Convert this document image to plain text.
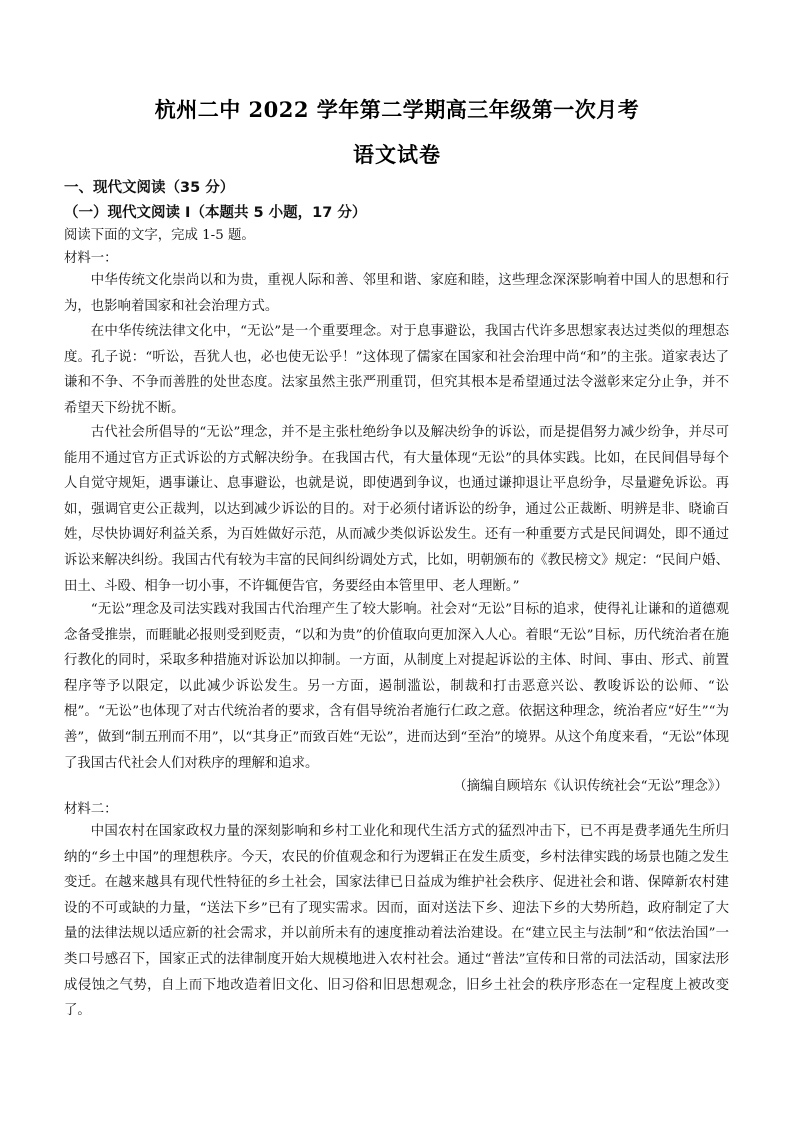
杭州二中 2022 学年第二学期高三年级第一次月考
语文试卷
一、现代文阅读（35 分）
（一）现代文阅读 I（本题共 5 小题，17 分）
阅读下面的文字，完成 1-5 题。
材料一：

中华传统文化崇尚以和为贵，重视人际和善、邻里和谐、家庭和睦，这些理念深深影响着中国人的思想和行为，也影响着国家和社会治理方式。

在中华传统法律文化中，“无讼”是一个重要理念。对于息事避讼，我国古代许多思想家表达过类似的理想态度。孔子说：“听讼，吾犹人也，必也使无讼乎！”这体现了儒家在国家和社会治理中尚“和”的主张。道家表达了谦和不争、不争而善胜的处世态度。法家虽然主张严刑重罚，但究其根本是希望通过法令滋彰来定分止争，并不希望天下纷扰不断。

古代社会所倡导的“无讼”理念，并不是主张杜绝纷争以及解决纷争的诉讼，而是提倡努力减少纷争，并尽可能用不通过官方正式诉讼的方式解决纷争。在我国古代，有大量体现“无讼”的具体实践。比如，在民间倡导每个人自觉守规矩，遇事谦让、息事避讼，也就是说，即使遇到争议，也通过谦抑退让平息纷争，尽量避免诉讼。再如，强调官吏公正裁判，以达到减少诉讼的目的。对于必须付诸诉讼的纷争，通过公正裁断、明辨是非、晓谕百姓，尽快协调好利益关系，为百姓做好示范，从而减少类似诉讼发生。还有一种重要方式是民间调处，即不通过诉讼来解决纠纷。我国古代有较为丰富的民间纠纷调处方式，比如，明朝颁布的《教民榜文》规定：“民间户婚、田土、斗殴、相争一切小事，不许辄便告官，务要经由本管里甲、老人理断。”

“无讼”理念及司法实践对我国古代治理产生了较大影响。社会对“无讼”目标的追求，使得礼让谦和的道德观念备受推崇，而睚眦必报则受到贬责，“以和为贵”的价值取向更加深入人心。着眼“无讼”目标，历代统治者在施行教化的同时，采取多种措施对诉讼加以抑制。一方面，从制度上对提起诉讼的主体、时间、事由、形式、前置程序等予以限定，以此减少诉讼发生。另一方面，遏制滥讼，制裁和打击恶意兴讼、教唆诉讼的讼师、“讼棍”。“无讼”也体现了对古代统治者的要求，含有倡导统治者施行仁政之意。依据这种理念，统治者应“好生”“为善”，做到“制五刑而不用”，以“其身正”而致百姓“无讼”，进而达到“至治”的境界。从这个角度来看，“无讼”体现了我国古代社会人们对秩序的理解和追求。

（摘编自顾培东《认识传统社会“无讼”理念》）
材料二：

中国农村在国家政权力量的深刻影响和乡村工业化和现代生活方式的猛烈冲击下，已不再是费孝通先生所归纳的“乡土中国”的理想秩序。今天，农民的价值观念和行为逻辑正在发生质变，乡村法律实践的场景也随之发生变迁。在越来越具有现代性特征的乡土社会，国家法律已日益成为维护社会秩序、促进社会和谐、保障新农村建设的不可或缺的力量，“送法下乡”已有了现实需求。因而，面对送法下乡、迎法下乡的大势所趋，政府制定了大量的法律法规以适应新的社会需求，并以前所未有的速度推动着法治建设。在“建立民主与法制”和“依法治国”一类口号感召下，国家正式的法律制度开始大规模地进入农村社会。通过“普法”宣传和日常的司法活动，国家法形成侵蚀之气势，自上而下地改造着旧文化、旧习俗和旧思想观念，旧乡土社会的秩序形态在一定程度上被改变了。
